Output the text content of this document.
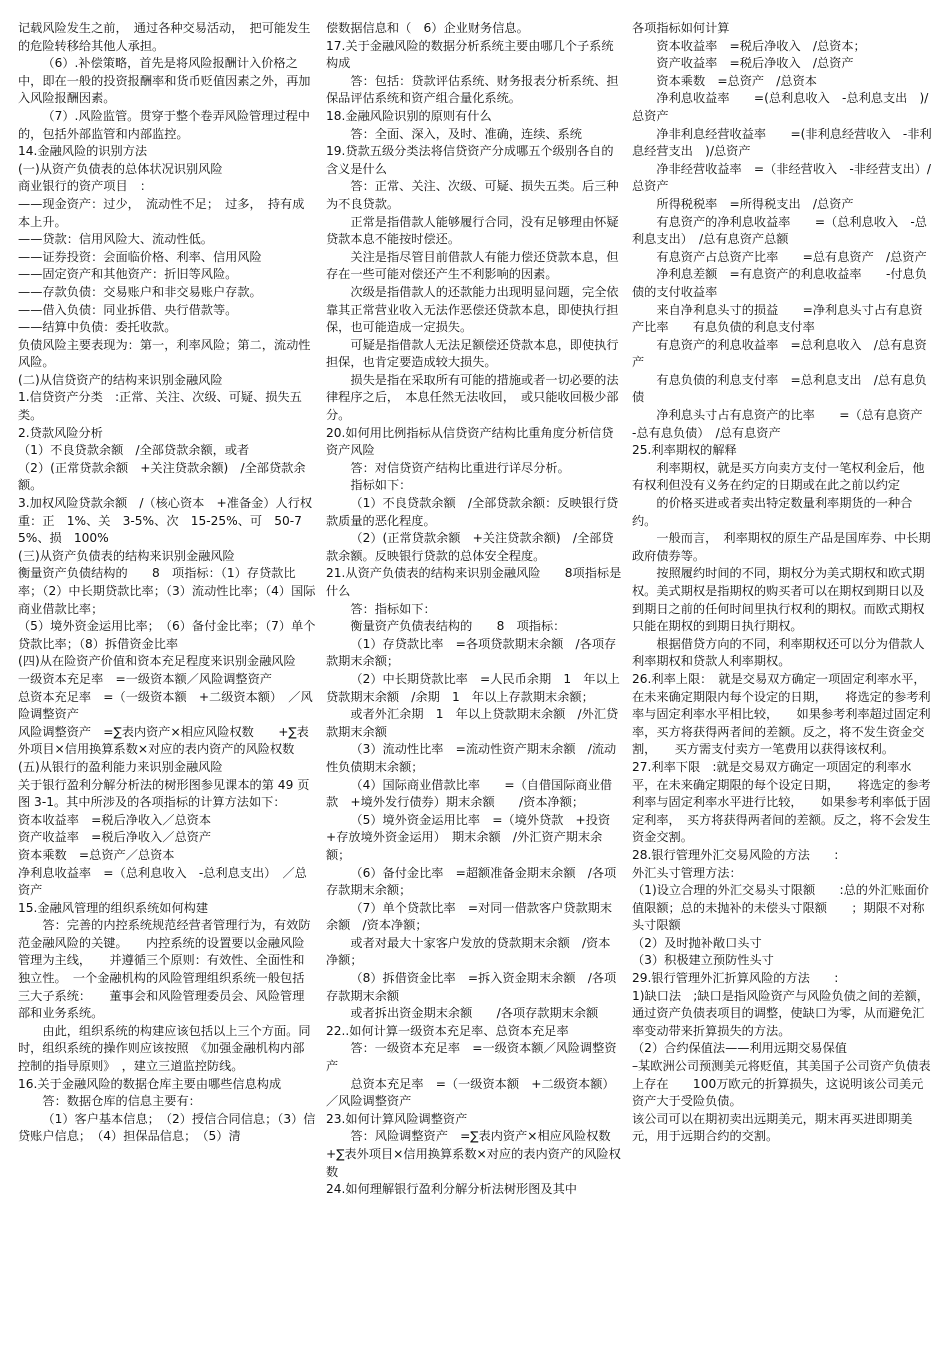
记载风险发生之前，　通过各种交易活动，　把可能发生的危险转移给其他人承担。
（6）.补偿策略，首先是将风险报酬计入价格之中，即在一般的投资报酬率和货币贬值因素之外，再加入风险报酬因素。
（7）.风险监管。贯穿于整个卷弄风险管理过程中的，包括外部监管和内部监控。
14.金融风险的识别方法
(一)从资产负债表的总体状况识别风险
商业银行的资产项目　：
——现金资产：过少，　流动性不足；　过多，　持有成本上升。
——贷款：信用风险大、流动性低。
——证券投资：会面临价格、利率、信用风险
——固定资产和其他资产：折旧等风险。
——存款负债：交易账户和非交易账户存款。
——借入负债：同业拆借、央行借款等。
——结算中负债：委托收款。
负债风险主要表现为：第一，利率风险；第二，流动性风险。
(二)从信贷资产的结构来识别金融风险
1.信贷资产分类　:正常、关注、次级、可疑、损失五类。
2.贷款风险分析
（1）不良贷款余额　/全部贷款余额，或者
（2）(正常贷款余额　+关注贷款余额)　/全部贷款余额。
3.加权风险贷款余额　/（核心资本　+准备金）人行权重：正　1%、关　3-5%、次　15-25%、可　50-75%、损　100%
(三)从资产负债表的结构来识别金融风险
衡量资产负债结构的　　8　项指标：（1）存贷款比率；（2）中长期贷款比率；（3）流动性比率；（4）国际商业借款比率；
（5）境外资金运用比率；　（6）备付金比率；（7）单个贷款比率；（8）拆借资金比率
(四)从在险资产价值和资本充足程度来识别金融风险
一级资本充足率　=一级资本额／风险调整资产
总资本充足率　=（一级资本额　+二级资本额）　／风险调整资产
风险调整资产　=∑表内资产×相应风险权数　　+∑表外项目×信用换算系数×对应的表内资产的风险权数
(五)从银行的盈利能力来识别金融风险
关于银行盈利分解分析法的树形图参见课本的第 49 页图 3-1。其中所涉及的各项指标的计算方法如下：
资本收益率　=税后净收入／总资本
资产收益率　=税后净收入／总资产
资本乘数　=总资产／总资本
净利息收益率　=（总利息收入　-总利息支出）　／总资产
15.金融风管理的组织系统如何构建
答：完善的内控系统规范经营者管理行为，有效防范金融风险的关键。　　内控系统的设置要以金融风险管理为主线，　　并遵循三个原则：有效性、全面性和独立性。　一个金融机构的风险管理组织系统一般包括三大子系统：　　董事会和风险管理委员会、风险管理部和业务系统。
由此，组织系统的构建应该包括以上三个方面。同时，组织系统的操作则应该按照　《加强金融机构内部控制的指导原则》　，建立三道监控防线。
16.关于金融风险的数据仓库主要由哪些信息构成
答：数据仓库的信息主要有：
（1）客户基本信息；　（2）授信合同信息；（3）信贷账户信息；　（4）担保品信息；　（5）清
偿数据信息和（　6）企业财务信息。
17.关于金融风险的数据分析系统主要由哪几个子系统构成
答：包括：贷款评估系统、财务报表分析系统、担保品评估系统和资产组合量化系统。
18.金融风险识别的原则有什么
答：全面、深入，及时、准确，连续、系统
19.贷款五级分类法将信贷资产分成哪五个级别各自的含义是什么
答：正常、关注、次级、可疑、损失五类。后三种为不良贷款。
正常是指借款人能够履行合同，没有足够理由怀疑贷款本息不能按时偿还。
关注是指尽管目前借款人有能力偿还贷款本息，但存在一些可能对偿还产生不利影响的因素。
次级是指借款人的还款能力出现明显问题，完全依靠其正常营业收入无法作恶偿还贷款本息，即使执行担保，也可能造成一定损失。
可疑是指借款人无法足额偿还贷款本息，即使执行担保，也肯定要造成较大损失。
损失是指在采取所有可能的措施或者一切必要的法律程序之后，　本息任然无法收回，　或只能收回极少部分。
20.如何用比例指标从信贷资产结构比重角度分析信贷资产风险
答：对信贷资产结构比重进行详尽分析。
指标如下：
（1）不良贷款余额　/全部贷款余额：反映银行贷款质量的恶化程度。
（2）(正常贷款余额　+关注贷款余额)　/全部贷款余额。反映银行贷款的总体安全程度。
21.从资产负债表的结构来识别金融风险　　8项指标是什么
答：指标如下：
衡量资产负债表结构的　　8　项指标：
（1）存贷款比率　=各项贷款期末余额　/各项存款期末余额；
（2）中长期贷款比率　=人民币余期　1　年以上贷款期末余额　/余期　1　年以上存款期末余额；
或者外汇余期　1　年以上贷款期末余额　/外汇贷款期末余额
（3）流动性比率　=流动性资产期末余额　/流动性负债期末余额；
（4）国际商业借款比率　　=（自借国际商业借款　+境外发行债券）期末余额　　/资本净额；
（5）境外资金运用比率　=（境外贷款　+投资　+存放境外资金运用）　期末余额　/外汇资产期末余额；
（6）备付金比率　=超额准备金期末余额　/各项存款期末余额；
（7）单个贷款比率　=对同一借款客户贷款期末余额　/资本净额；
或者对最大十家客户发放的贷款期末余额　/资本净额；
（8）拆借资金比率　=拆入资金期末余额　/各项存款期末余额
或者拆出资金期末余额　　/各项存款期末余额
22..如何计算一级资本充足率、总资本充足率
答：一级资本充足率　=一级资本额／风险调整资产
总资本充足率　=（一级资本额　+二级资本额）／风险调整资产
23.如何计算风险调整资产
答：风险调整资产　=∑表内资产×相应风险权数　+∑表外项目×信用换算系数×对应的表内资产的风险权数
24.如何理解银行盈利分解分析法树形图及其中
各项指标如何计算
资本收益率　=税后净收入　/总资本；
资产收益率　=税后净收入　/总资产
资本乘数　=总资产　/总资本
净利息收益率　　=(总利息收入　-总利息支出　)/总资产
净非利息经营收益率　　=(非利息经营收入　-非利息经营支出　)/总资产
净非经营收益率　=（非经营收入　-非经营支出）/总资产
所得税税率　=所得税支出　/总资产
有息资产的净利息收益率　　=（总利息收入　-总利息支出）　/总有息资产总额
有息资产占总资产比率　　=总有息资产　/总资产
净利息差额　=有息资产的利息收益率　　-付息负债的支付收益率
来自净利息头寸的损益　　=净利息头寸占有息资产比率　　有息负债的利息支付率
有息资产的利息收益率　=总利息收入　/总有息资产
有息负债的利息支付率　=总利息支出　/总有息负债
净利息头寸占有息资产的比率　　=（总有息资产　-总有息负债）　/总有息资产
25.利率期权的解释
利率期权，就是买方向卖方支付一笔权利金后，他有权利但没有义务在约定的日期或在此之前以约定
的价格买进或者卖出特定数量利率期货的一种合约。
一般而言，　利率期权的原生产品是国库券、中长期政府债券等。
按照履约时间的不同，期权分为美式期权和欧式期权。美式期权是指期权的购买者可以在期权到期日以及到期日之前的任何时间里执行权利的期权。而欧式期权只能在期权的到期日执行期权。
根据借贷方向的不同，利率期权还可以分为借款人利率期权和贷款人利率期权。
26.利率上限：　就是交易双方确定一项固定利率水平，在未来确定期限内每个设定的日期，　　将选定的参考利率与固定利率水平相比较，　　如果参考利率超过固定利率，买方将获得两者间的差额。反之，将不发生资金交割，　　买方需支付卖方一笔费用以获得该权利。
27.利率下限　:就是交易双方确定一项固定的利率水平，在未来确定期限的每个设定日期，　　将选定的参考利率与固定利率水平进行比较，　　如果参考利率低于固定利率，　买方将获得两者间的差额。反之，将不会发生资金交割。
28.银行管理外汇交易风险的方法　　:
外汇头寸管理方法：
（1)设立合理的外汇交易头寸限额　　:总的外汇账面价值限额；总的未抛补的未偿头寸限额　　；期限不对称头寸限额
（2）及时抛补敞口头寸
（3）积极建立预防性头寸
29.银行管理外汇折算风险的方法　　:
1)缺口法　;缺口是指风险资产与风险负债之间的差额，通过资产负债表项目的调整，使缺口为零，从而避免汇率变动带来折算损失的方法。
（2）合约保值法——利用远期交易保值
–某欧洲公司预测美元将贬值，其美国子公司资产负债表上存在　　100万欧元的折算损失，这说明该公司美元资产大于受险负债。
该公司可以在期初卖出远期美元，期末再买进即期美元，用于远期合约的交割。
